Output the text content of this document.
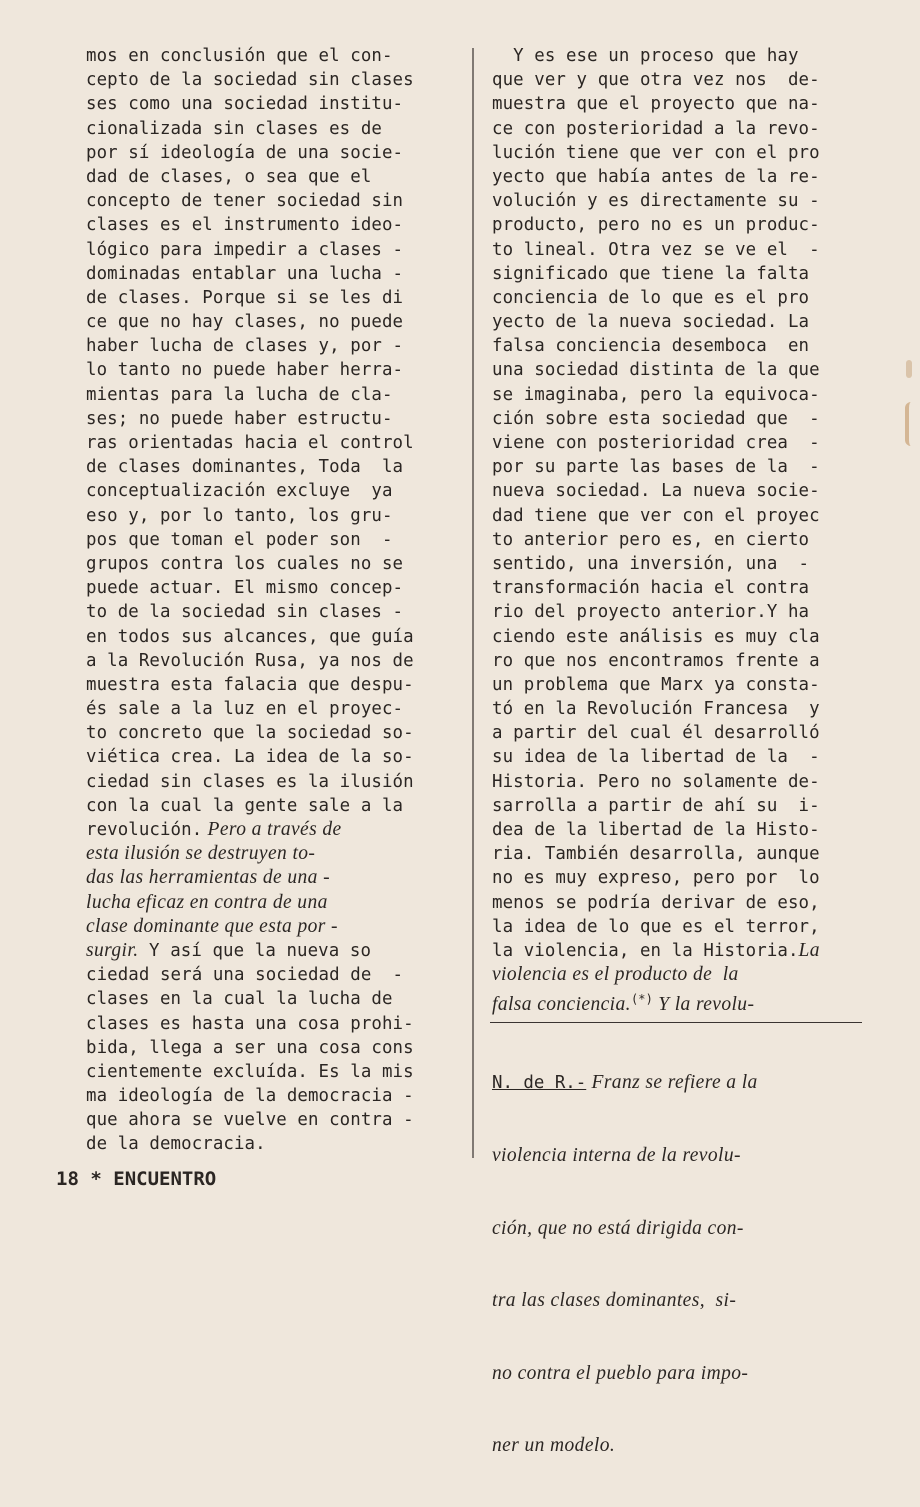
mos en conclusión que el con-
cepto de la sociedad sin clases
ses como una sociedad institu-
cionalizada sin clases es de
por sí ideología de una socie-
dad de clases, o sea que el
concepto de tener sociedad sin
clases es el instrumento ideo-
lógico para impedir a clases -
dominadas entablar una lucha -
de clases. Porque si se les di
ce que no hay clases, no puede
haber lucha de clases y, por -
lo tanto no puede haber herra-
mientas para la lucha de cla-
ses; no puede haber estructu-
ras orientadas hacia el control
de clases dominantes, Toda  la
conceptualización excluye  ya
eso y, por lo tanto, los gru-
pos que toman el poder son  -
grupos contra los cuales no se
puede actuar. El mismo concep-
to de la sociedad sin clases -
en todos sus alcances, que guía
a la Revolución Rusa, ya nos de
muestra esta falacia que despu-
és sale a la luz en el proyec-
to concreto que la sociedad so-
viética crea. La idea de la so-
ciedad sin clases es la ilusión
con la cual la gente sale a la
revolución. Pero a través de
esta ilusión se destruyen to-
das las herramientas de una -
lucha eficaz en contra de una
clase dominante que esta por -
surgir. Y así que la nueva so
ciedad será una sociedad de  -
clases en la cual la lucha de
clases es hasta una cosa prohi-
bida, llega a ser una cosa cons
cientemente excluída. Es la mis
ma ideología de la democracia -
que ahora se vuelve en contra -
de la democracia.
Y es ese un proceso que hay
que ver y que otra vez nos  de-
muestra que el proyecto que na-
ce con posterioridad a la revo-
lución tiene que ver con el pro
yecto que había antes de la re-
volución y es directamente su -
producto, pero no es un produc-
to lineal. Otra vez se ve el  -
significado que tiene la falta
conciencia de lo que es el pro
yecto de la nueva sociedad. La
falsa conciencia desemboca  en
una sociedad distinta de la que
se imaginaba, pero la equivoca-
ción sobre esta sociedad que  -
viene con posterioridad crea  -
por su parte las bases de la  -
nueva sociedad. La nueva socie-
dad tiene que ver con el proyec
to anterior pero es, en cierto
sentido, una inversión, una  -
transformación hacia el contra
rio del proyecto anterior.Y ha
ciendo este análisis es muy cla
ro que nos encontramos frente a
un problema que Marx ya consta-
tó en la Revolución Francesa  y
a partir del cual él desarrolló
su idea de la libertad de la  -
Historia. Pero no solamente de-
sarrolla a partir de ahí su  i-
dea de la libertad de la Histo-
ria. También desarrolla, aunque
no es muy expreso, pero por  lo
menos se podría derivar de eso,
la idea de lo que es el terror,
la violencia, en la Historia.La
violencia es el producto de  la
falsa conciencia.(*) Y la revolu-

N. de R.- Franz se refiere a la

violencia interna de la revolu-

ción, que no está dirigida con-

tra las clases dominantes,  si-

no contra el pueblo para impo-

ner un modelo.

18 * ENCUENTRO
